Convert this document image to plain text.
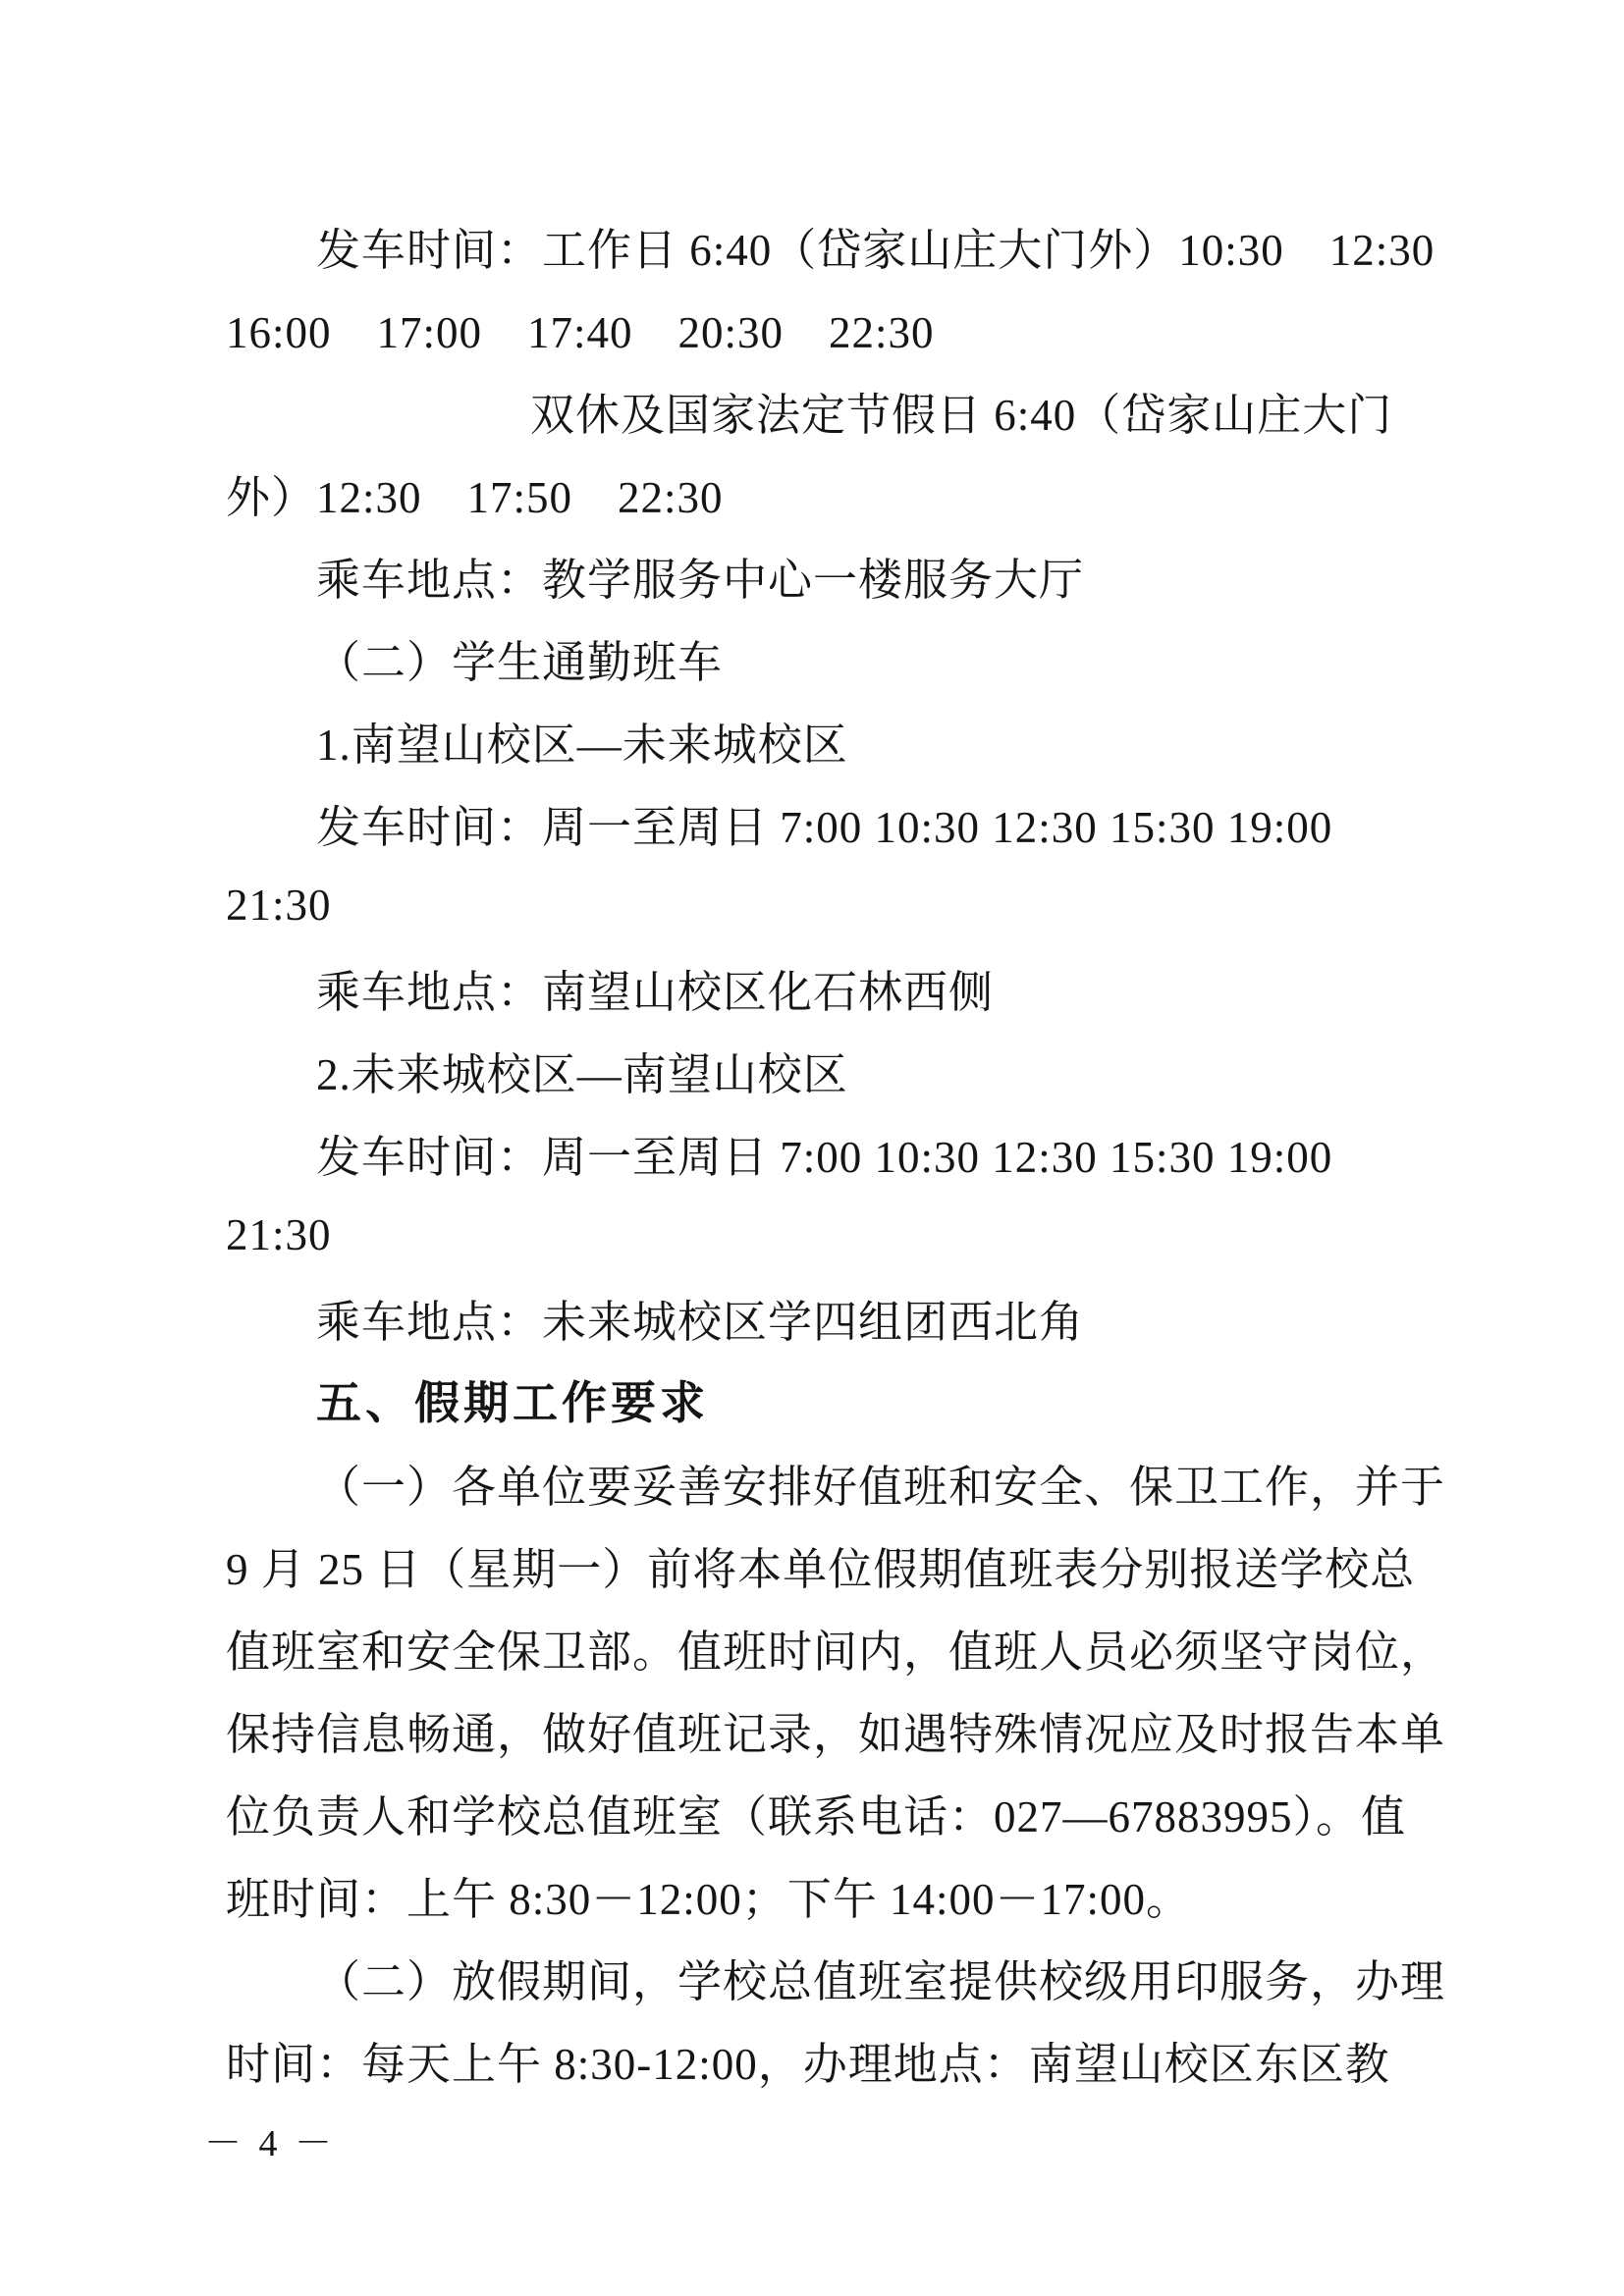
发车时间：工作日 6:40（岱家山庄大门外）10:30　12:30
16:00　17:00　17:40　20:30　22:30
双休及国家法定节假日 6:40（岱家山庄大门
外）12:30　17:50　22:30
乘车地点：教学服务中心一楼服务大厅
（二）学生通勤班车
1.南望山校区—未来城校区
发车时间：周一至周日 7:00 10:30 12:30 15:30 19:00
21:30
乘车地点：南望山校区化石林西侧
2.未来城校区—南望山校区
发车时间：周一至周日 7:00 10:30 12:30 15:30 19:00
21:30
乘车地点：未来城校区学四组团西北角
五、假期工作要求
（一）各单位要妥善安排好值班和安全、保卫工作，并于
9 月 25 日（星期一）前将本单位假期值班表分别报送学校总
值班室和安全保卫部。值班时间内，值班人员必须坚守岗位，
保持信息畅通，做好值班记录，如遇特殊情况应及时报告本单
位负责人和学校总值班室（联系电话：027—67883995）。值
班时间：上午 8:30－12:00；下午 14:00－17:00。
（二）放假期间，学校总值班室提供校级用印服务，办理
时间：每天上午 8:30-12:00，办理地点：南望山校区东区教
－ 4 －
